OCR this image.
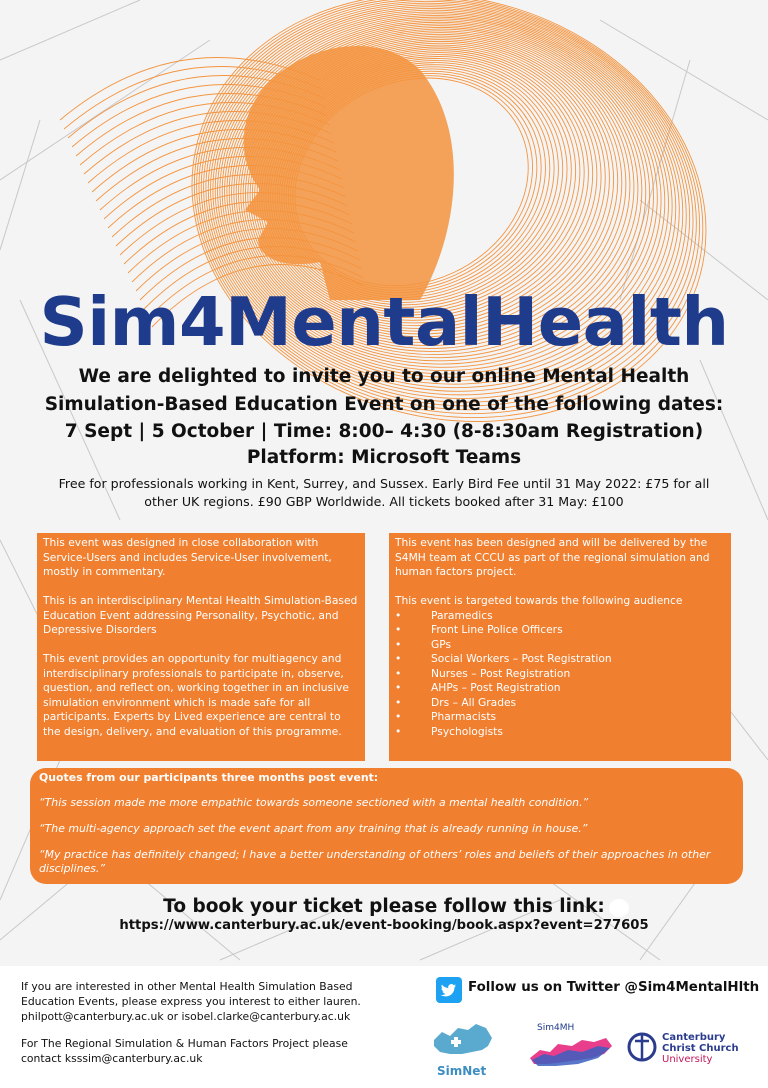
Sim4MentalHealth
We are delighted to invite you to our online Mental Health
Simulation-Based Education Event on one of the following dates:
7 Sept | 5 October | Time: 8:00– 4:30 (8-8:30am Registration)
Platform: Microsoft Teams
Free for professionals working in Kent, Surrey, and Sussex. Early Bird Fee until 31 May 2022: £75 for all
other UK regions. £90 GBP Worldwide. All tickets booked after 31 May: £100

This event was designed in close collaboration with Service-Users and includes Service-User involvement, mostly in commentary.

This is an interdisciplinary Mental Health Simulation-Based Education Event addressing Personality, Psychotic, and Depressive Disorders

This event provides an opportunity for multiagency and interdisciplinary professionals to participate in, observe, question, and reflect on, working together in an inclusive simulation environment which is made safe for all participants. Experts by Lived experience are central to the design, delivery, and evaluation of this programme.

This event has been designed and will be delivered by the S4MH team at CCCU as part of the regional simulation and human factors project.

This event is targeted towards the following audience
•	Paramedics
•	Front Line Police Officers
•	GPs
•	Social Workers – Post Registration
•	Nurses – Post Registration
•	AHPs – Post Registration
•	Drs – All Grades
•	Pharmacists
•	Psychologists
Quotes from our participants three months post event:
“This session made me more empathic towards someone sectioned with a mental health condition.”
“The multi-agency approach set the event apart from any training that is already running in house.”
“My practice has definitely changed; I have a better understanding of others’ roles and beliefs of their approaches in other disciplines.”
To book your ticket please follow this link:
https://www.canterbury.ac.uk/event-booking/book.aspx?event=277605
If you are interested in other Mental Health Simulation Based
Education Events, please express you interest to either lauren.
philpott@canterbury.ac.uk or isobel.clarke@canterbury.ac.uk
For The Regional Simulation & Human Factors Project please
contact ksssim@canterbury.ac.uk
Follow us on Twitter @Sim4MentalHlth
SimNet
Sim4MH
Canterbury
Christ Church
University
